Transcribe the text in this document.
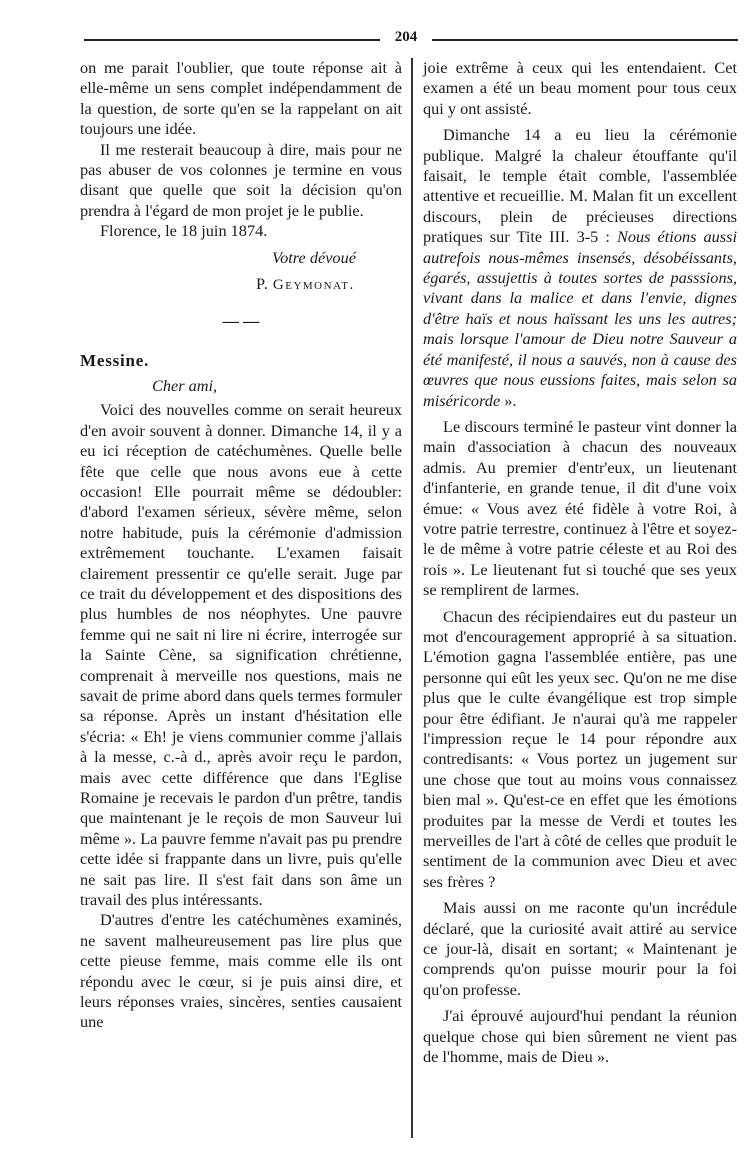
204

on me parait l'oublier, que toute réponse ait à elle-même un sens complet indépendamment de la question, de sorte qu'en se la rappelant on ait toujours une idée.

Il me resterait beaucoup à dire, mais pour ne pas abuser de vos colonnes je termine en vous disant que quelle que soit la décision qu'on prendra à l'égard de mon projet je le publie.

Florence, le 18 juin 1874.

Votre dévoué

P. Geymonat.

— —

Messine.

Cher ami,

Voici des nouvelles comme on serait heureux d'en avoir souvent à donner. Dimanche 14, il y a eu ici réception de catéchumènes. Quelle belle fête que celle que nous avons eue à cette occasion! Elle pourrait même se dédoubler: d'abord l'examen sérieux, sévère même, selon notre habitude, puis la cérémonie d'admission extrêmement touchante. L'examen faisait clairement pressentir ce qu'elle serait. Juge par ce trait du développement et des dispositions des plus humbles de nos néophytes. Une pauvre femme qui ne sait ni lire ni écrire, interrogée sur la Sainte Cène, sa signification chrétienne, comprenait à merveille nos questions, mais ne savait de prime abord dans quels termes formuler sa réponse. Après un instant d'hésitation elle s'écria: « Eh! je viens communier comme j'allais à la messe, c.-à d., après avoir reçu le pardon, mais avec cette différence que dans l'Eglise Romaine je recevais le pardon d'un prêtre, tandis que maintenant je le reçois de mon Sauveur lui même ». La pauvre femme n'avait pas pu prendre cette idée si frappante dans un livre, puis qu'elle ne sait pas lire. Il s'est fait dans son âme un travail des plus intéressants.

D'autres d'entre les catéchumènes examinés, ne savent malheureusement pas lire plus que cette pieuse femme, mais comme elle ils ont répondu avec le cœur, si je puis ainsi dire, et leurs réponses vraies, sincères, senties causaient une

joie extrême à ceux qui les entendaient. Cet examen a été un beau moment pour tous ceux qui y ont assisté.

Dimanche 14 a eu lieu la cérémonie publique. Malgré la chaleur étouffante qu'il faisait, le temple était comble, l'assemblée attentive et recueillie. M. Malan fit un excellent discours, plein de précieuses directions pratiques sur Tite III. 3-5 : Nous étions aussi autrefois nous-mêmes insensés, désobéissants, égarés, assujettis à toutes sortes de passsions, vivant dans la malice et dans l'envie, dignes d'être haïs et nous haïssant les uns les autres; mais lorsque l'amour de Dieu notre Sauveur a été manifesté, il nous a sauvés, non à cause des œuvres que nous eussions faites, mais selon sa miséricorde ».

Le discours terminé le pasteur vint donner la main d'association à chacun des nouveaux admis. Au premier d'entr'eux, un lieutenant d'infanterie, en grande tenue, il dit d'une voix émue: « Vous avez été fidèle à votre Roi, à votre patrie terrestre, continuez à l'être et soyez-le de même à votre patrie céleste et au Roi des rois ». Le lieutenant fut si touché que ses yeux se remplirent de larmes.

Chacun des récipiendaires eut du pasteur un mot d'encouragement approprié à sa situation. L'émotion gagna l'assemblée entière, pas une personne qui eût les yeux sec. Qu'on ne me dise plus que le culte évangélique est trop simple pour être édifiant. Je n'aurai qu'à me rappeler l'impression reçue le 14 pour répondre aux contredisants: « Vous portez un jugement sur une chose que tout au moins vous connaissez bien mal ». Qu'est-ce en effet que les émotions produites par la messe de Verdi et toutes les merveilles de l'art à côté de celles que produit le sentiment de la communion avec Dieu et avec ses frères ?

Mais aussi on me raconte qu'un incrédule déclaré, que la curiosité avait attiré au service ce jour-là, disait en sortant; « Maintenant je comprends qu'on puisse mourir pour la foi qu'on professe.

J'ai éprouvé aujourd'hui pendant la réunion quelque chose qui bien sûrement ne vient pas de l'homme, mais de Dieu ».
